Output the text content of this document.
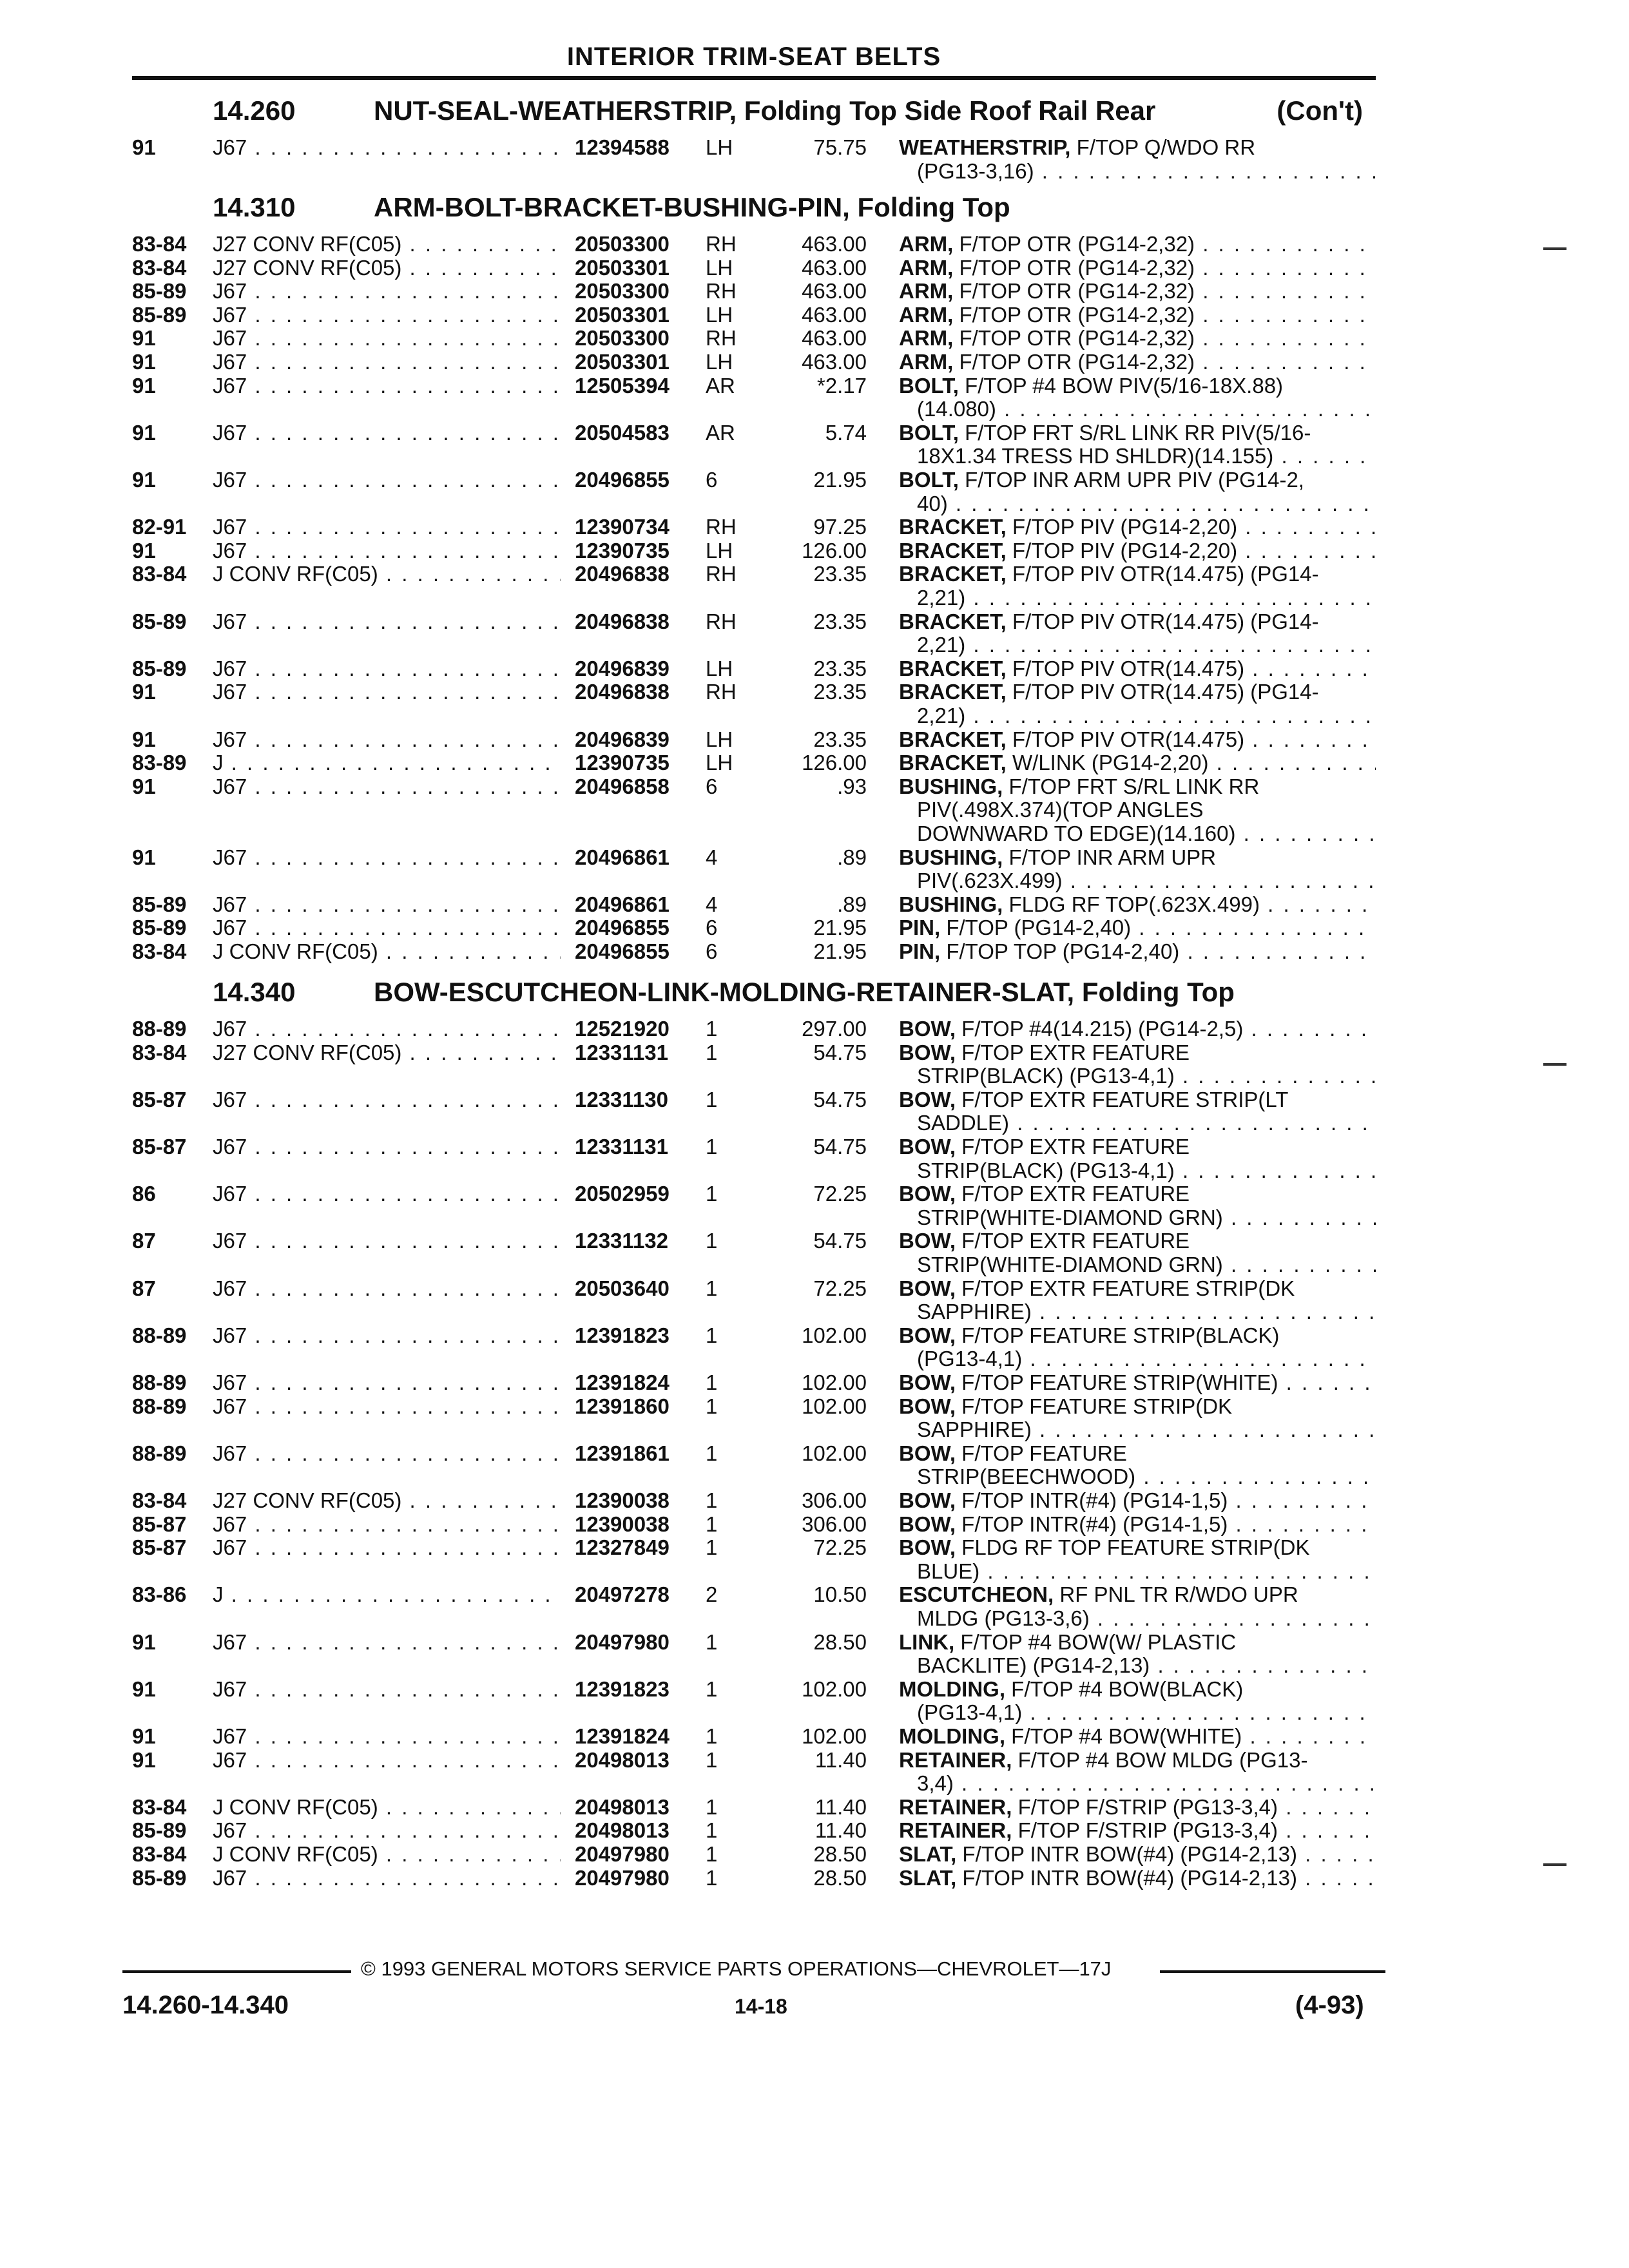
INTERIOR TRIM-SEAT BELTS
14.260	NUT-SEAL-WEATHERSTRIP, Folding Top Side Roof Rail Rear	(Con't)
91	J67 . . .	12394588 LH	75.75 WEATHERSTRIP, F/TOP Q/WDO RR
(PG13-3,16) . . .
14.310	ARM-BOLT-BRACKET-BUSHING-PIN, Folding Top
83-84 J27 CONV RF(C05) . . .	20503300 RH	463.00 ARM, F/TOP OTR (PG14-2,32) . . .
83-84 J27 CONV RF(C05) . . .	20503301 LH	463.00 ARM, F/TOP OTR (PG14-2,32) . . .
85-89 J67 . . .	20503300 RH	463.00 ARM, F/TOP OTR (PG14-2,32) . . .
85-89 J67 . . .	20503301 LH	463.00 ARM, F/TOP OTR (PG14-2,32) . . .
91	J67 . . .	20503300 RH	463.00 ARM, F/TOP OTR (PG14-2,32) . . .
91	J67 . . .	20503301 LH	463.00 ARM, F/TOP OTR (PG14-2,32) . . .
91	J67 . . .	12505394 AR	*2.17 BOLT, F/TOP #4 BOW PIV(5/16-18X.88)
(14.080) . . .
91	J67 . . .	20504583 AR	5.74 BOLT, F/TOP FRT S/RL LINK RR PIV(5/16-
18X1.34 TRESS HD SHLDR)(14.155) . . .
91	J67 . . .	20496855 6	21.95 BOLT, F/TOP INR ARM UPR PIV (PG14-2,
40) . . .
82-91 J67 . . .	12390734 RH	97.25 BRACKET, F/TOP PIV (PG14-2,20) . . .
91	J67 . . .	12390735 LH	126.00 BRACKET, F/TOP PIV (PG14-2,20) . . .
83-84 J CONV RF(C05) . . .	20496838 RH	23.35 BRACKET, F/TOP PIV OTR(14.475) (PG14-
2,21) . . .
85-89 J67 . . .	20496838 RH	23.35 BRACKET, F/TOP PIV OTR(14.475) (PG14-
2,21) . . .
85-89 J67 . . .	20496839 LH	23.35 BRACKET, F/TOP PIV OTR(14.475) . . .
91	J67 . . .	20496838 RH	23.35 BRACKET, F/TOP PIV OTR(14.475) (PG14-
2,21) . . .
91	J67 . . .	20496839 LH	23.35 BRACKET, F/TOP PIV OTR(14.475) . . .
83-89 J . . .	12390735 LH	126.00 BRACKET, W/LINK (PG14-2,20) . . .
91	J67 . . .	20496858 6	.93 BUSHING, F/TOP FRT S/RL LINK RR
PIV(.498X.374)(TOP ANGLES
DOWNWARD TO EDGE)(14.160) . . .
91	J67 . . .	20496861 4	.89 BUSHING, F/TOP INR ARM UPR
PIV(.623X.499) . . .
85-89 J67 . . .	20496861 4	.89 BUSHING, FLDG RF TOP(.623X.499) . . .
85-89 J67 . . .	20496855 6	21.95 PIN, F/TOP (PG14-2,40) . . .
83-84 J CONV RF(C05) . . .	20496855 6	21.95 PIN, F/TOP TOP (PG14-2,40) . . .
14.340	BOW-ESCUTCHEON-LINK-MOLDING-RETAINER-SLAT, Folding Top
88-89 J67 . . .	12521920 1	297.00 BOW, F/TOP #4(14.215) (PG14-2,5) . . .
83-84 J27 CONV RF(C05) . . .	12331131 1	54.75 BOW, F/TOP EXTR FEATURE
STRIP(BLACK) (PG13-4,1) . . .
85-87 J67 . . .	12331130 1	54.75 BOW, F/TOP EXTR FEATURE STRIP(LT
SADDLE) . . .
85-87 J67 . . .	12331131 1	54.75 BOW, F/TOP EXTR FEATURE
STRIP(BLACK) (PG13-4,1) . . .
86	J67 . . .	20502959 1	72.25 BOW, F/TOP EXTR FEATURE
STRIP(WHITE-DIAMOND GRN) . . .
87	J67 . . .	12331132 1	54.75 BOW, F/TOP EXTR FEATURE
STRIP(WHITE-DIAMOND GRN) . . .
87	J67 . . .	20503640 1	72.25 BOW, F/TOP EXTR FEATURE STRIP(DK
SAPPHIRE) . . .
88-89 J67 . . .	12391823 1	102.00 BOW, F/TOP FEATURE STRIP(BLACK)
(PG13-4,1) . . .
88-89 J67 . . .	12391824 1	102.00 BOW, F/TOP FEATURE STRIP(WHITE) . . .
88-89 J67 . . .	12391860 1	102.00 BOW, F/TOP FEATURE STRIP(DK
SAPPHIRE) . . .
88-89 J67 . . .	12391861 1	102.00 BOW, F/TOP FEATURE
STRIP(BEECHWOOD) . . .
83-84 J27 CONV RF(C05) . . .	12390038 1	306.00 BOW, F/TOP INTR(#4) (PG14-1,5) . . .
85-87 J67 . . .	12390038 1	306.00 BOW, F/TOP INTR(#4) (PG14-1,5) . . .
85-87 J67 . . .	12327849 1	72.25 BOW, FLDG RF TOP FEATURE STRIP(DK
BLUE) . . .
83-86 J . . .	20497278 2	10.50 ESCUTCHEON, RF PNL TR R/WDO UPR
MLDG (PG13-3,6) . . .
91	J67 . . .	20497980 1	28.50 LINK, F/TOP #4 BOW(W/ PLASTIC
BACKLITE) (PG14-2,13) . . .
91	J67 . . .	12391823 1	102.00 MOLDING, F/TOP #4 BOW(BLACK)
(PG13-4,1) . . .
91	J67 . . .	12391824 1	102.00 MOLDING, F/TOP #4 BOW(WHITE) . . .
91	J67 . . .	20498013 1	11.40 RETAINER, F/TOP #4 BOW MLDG (PG13-
3,4) . . .
83-84 J CONV RF(C05) . . .	20498013 1	11.40 RETAINER, F/TOP F/STRIP (PG13-3,4) . . .
85-89 J67 . . .	20498013 1	11.40 RETAINER, F/TOP F/STRIP (PG13-3,4) . . .
83-84 J CONV RF(C05) . . .	20497980 1	28.50 SLAT, F/TOP INTR BOW(#4) (PG14-2,13) . . .
85-89 J67 . . .	20497980 1	28.50 SLAT, F/TOP INTR BOW(#4) (PG14-2,13) . . .
© 1993 GENERAL MOTORS SERVICE PARTS OPERATIONS—CHEVROLET—17J
14.260-14.340	14-18	(4-93)
